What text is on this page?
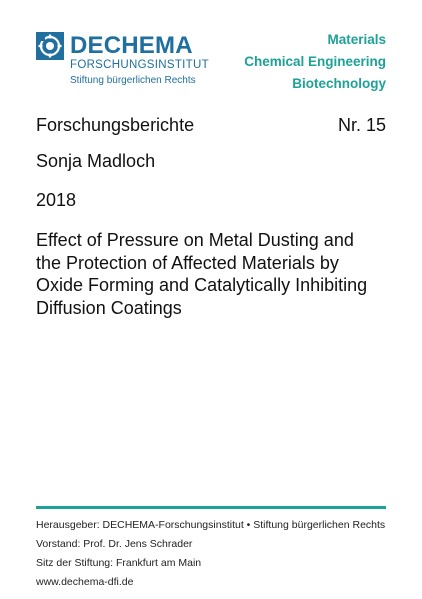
DECHEMA
FORSCHUNGSINSTITUT
Stiftung bürgerlichen Rechts
Materials
Chemical Engineering
Biotechnology
Forschungsberichte	Nr. 15
Sonja Madloch
2018
Effect of Pressure on Metal Dusting and
the Protection of Affected Materials by
Oxide Forming and Catalytically Inhibiting
Diffusion Coatings
Herausgeber: DECHEMA-Forschungsinstitut • Stiftung bürgerlichen Rechts
Vorstand: Prof. Dr. Jens Schrader
Sitz der Stiftung: Frankfurt am Main
www.dechema-dfi.de
